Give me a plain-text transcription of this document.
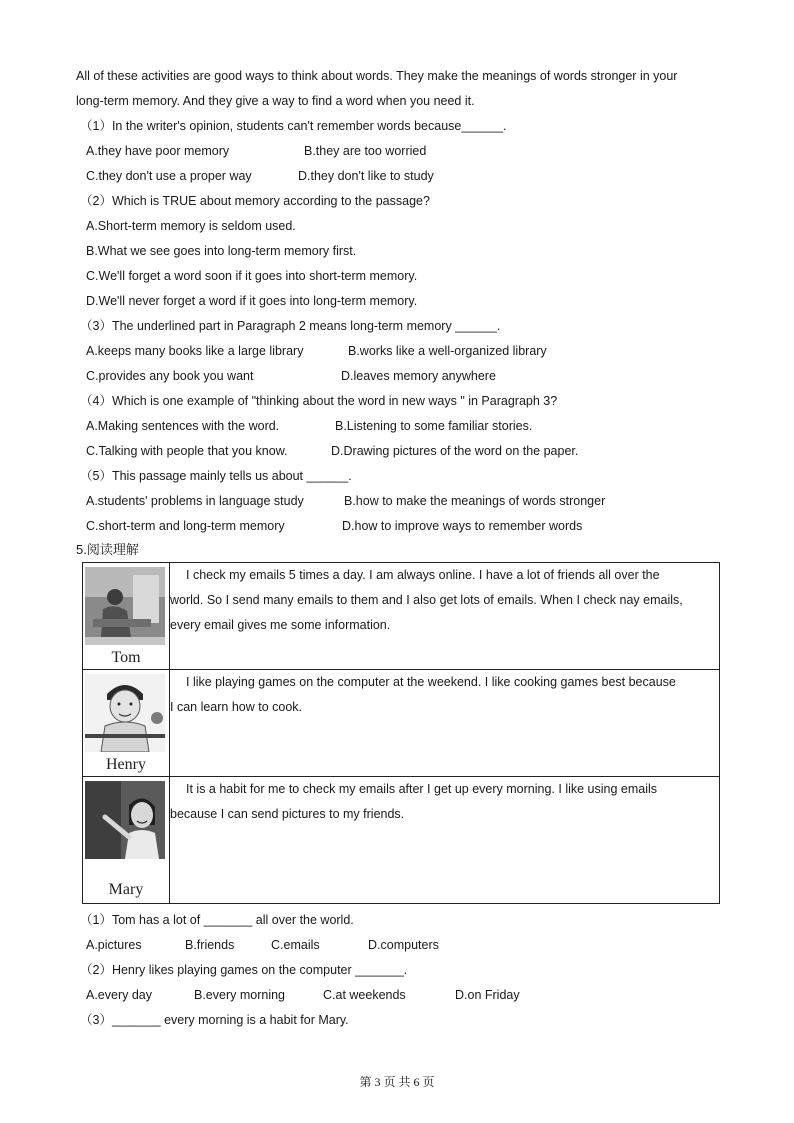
All of these activities are good ways to think about words. They make the meanings of words stronger in your
long-term memory. And they give a way to find a word when you need it.
（1）In the writer's opinion, students can't remember words because______.
A.they have poor memory	B.they are too worried
C.they don't use a proper way	D.they don't like to study
（2）Which is TRUE about memory according to the passage?
A.Short-term memory is seldom used.
B.What we see goes into long-term memory first.
C.We'll forget a word soon if it goes into short-term memory.
D.We'll never forget a word if it goes into long-term memory.
（3）The underlined part in Paragraph 2 means long-term memory ______.
A.keeps many books like a large library	B.works like a well-organized library
C.provides any book you want	D.leaves memory anywhere
（4）Which is one example of "thinking about the word in new ways " in Paragraph 3?
A.Making sentences with the word.	B.Listening to some familiar stories.
C.Talking with people that you know.	D.Drawing pictures of the word on the paper.
（5）This passage mainly tells us about ______.
A.students' problems in language study	B.how to make the meanings of words stronger
C.short-term and long-term memory	D.how to improve ways to remember words
5.阅读理解
Tom	I check my emails 5 times a day. I am always online. I have a lot of friends all over the
world. So I send many emails to them and I also get lots of emails. When I check nay emails,
every email gives me some information.

Henry	I like playing games on the computer at the weekend. I like cooking games best because
I can learn how to cook.

Mary	It is a habit for me to check my emails after I get up every morning. I like using emails
because I can send pictures to my friends.
（1）Tom has a lot of _______ all over the world.
A.pictures	B.friends	C.emails	D.computers
（2）Henry likes playing games on the computer _______.
A.every day	B.every morning	C.at weekends	D.on Friday
（3）_______ every morning is a habit for Mary.
第 3 页 共 6 页
